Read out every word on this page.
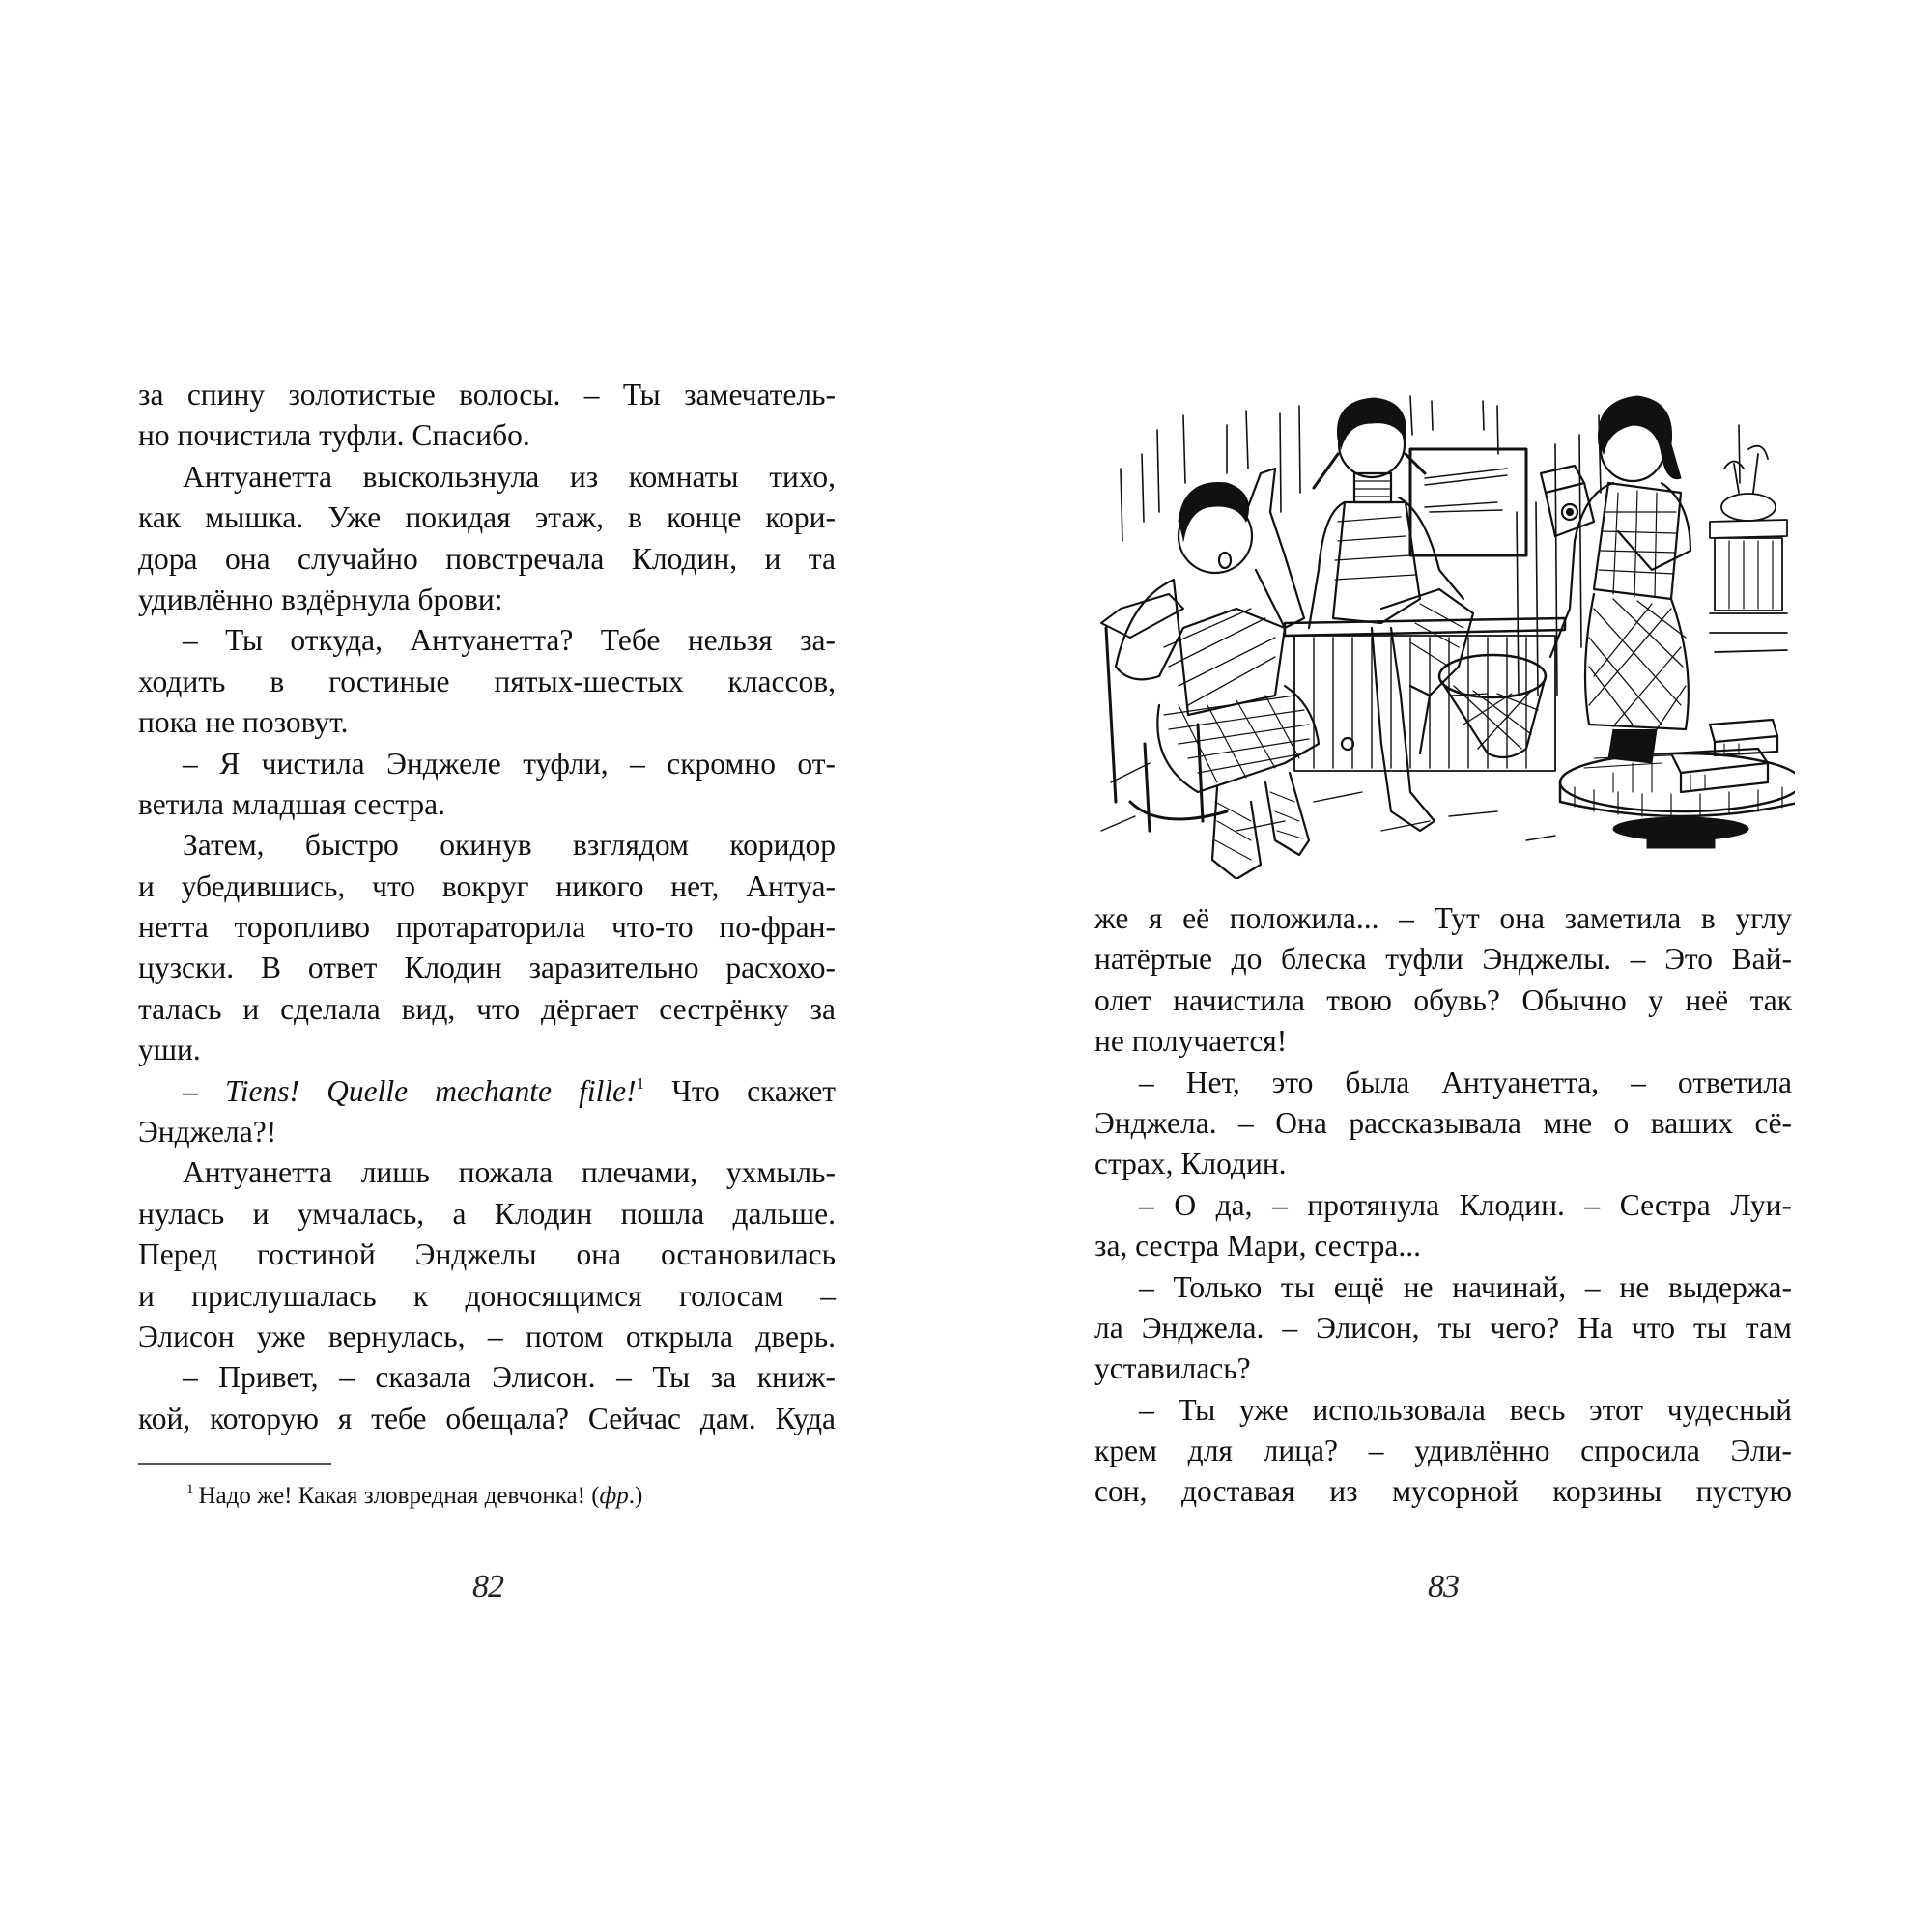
за спину золотистые волосы. – Ты замечатель-
но почистила туфли. Спасибо.
Антуанетта выскользнула из комнаты тихо,
как мышка. Уже покидая этаж, в конце кори-
дора она случайно повстречала Клодин, и та
удивлённо вздёрнула брови:
– Ты откуда, Антуанетта? Тебе нельзя за-
ходить в гостиные пятых-шестых классов,
пока не позовут.
– Я чистила Энджеле туфли, – скромно от-
ветила младшая сестра.
Затем, быстро окинув взглядом коридор
и убедившись, что вокруг никого нет, Антуа-
нетта торопливо протараторила что-то по-фран-
цузски. В ответ Клодин заразительно расхохо-
талась и сделала вид, что дёргает сестрёнку за
уши.
– Tiens! Quelle mechante fille!$^1$ Что скажет
Энджела?!
Антуанетта лишь пожала плечами, ухмыль-
нулась и умчалась, а Клодин пошла дальше.
Перед гостиной Энджелы она остановилась
и прислушалась к доносящимся голосам –
Элисон уже вернулась, – потом открыла дверь.
– Привет, – сказала Элисон. – Ты за книж-
кой, которую я тебе обещала? Сейчас дам. Куда
$^1$ Надо же! Какая зловредная девчонка! (фр.)
82
же я её положила... – Тут она заметила в углу
натёртые до блеска туфли Энджелы. – Это Вай-
олет начистила твою обувь? Обычно у неё так
не получается!
– Нет, это была Антуанетта, – ответила
Энджела. – Она рассказывала мне о ваших сё-
страх, Клодин.
– О да, – протянула Клодин. – Сестра Луи-
за, сестра Мари, сестра...
– Только ты ещё не начинай, – не выдержа-
ла Энджела. – Элисон, ты чего? На что ты там
уставилась?
– Ты уже использовала весь этот чудесный
крем для лица? – удивлённо спросила Эли-
сон, доставая из мусорной корзины пустую
83
